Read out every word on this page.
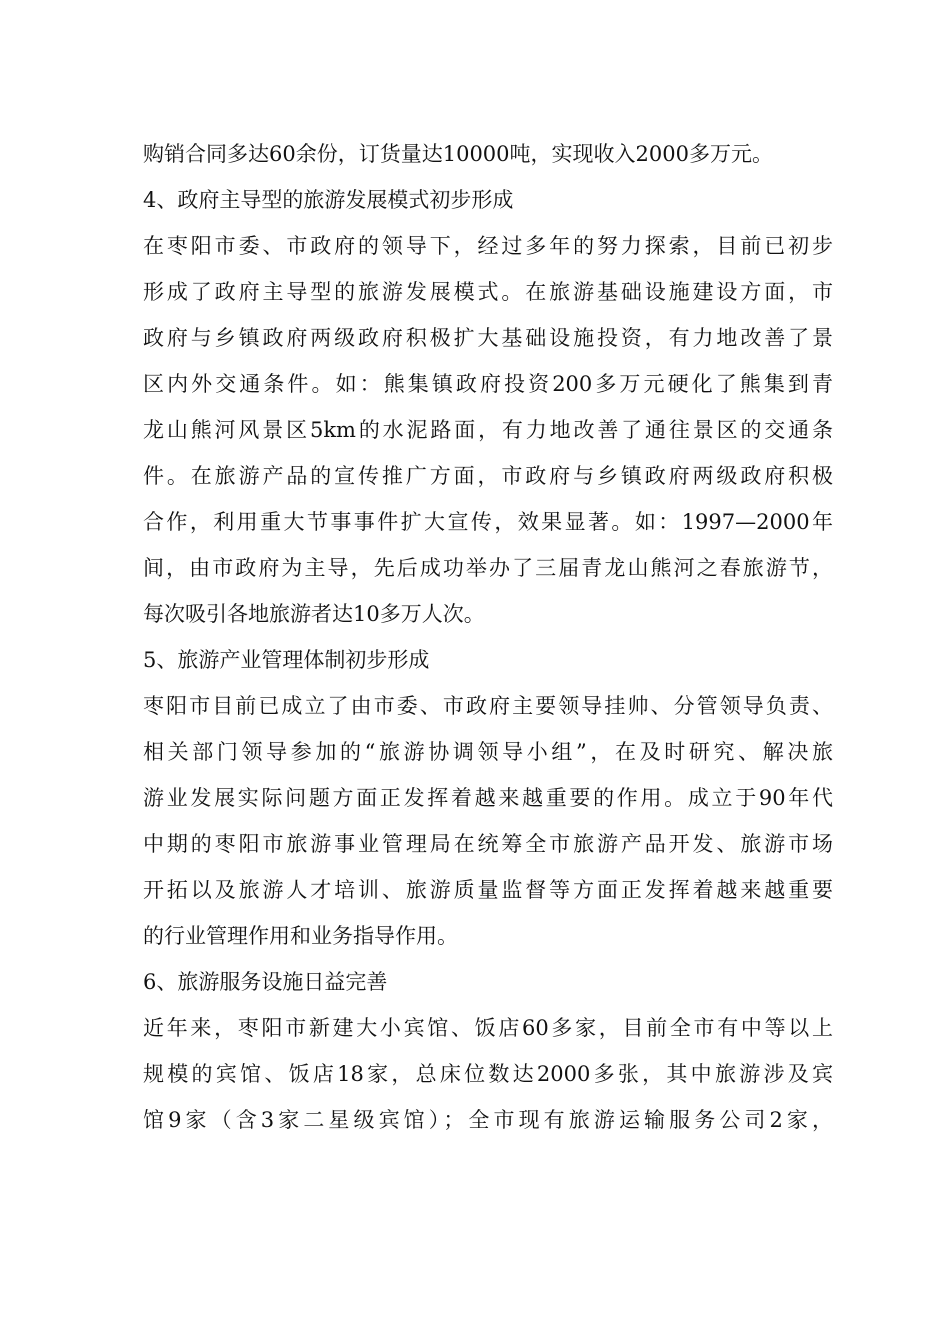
购销合同多达60余份，订货量达10000吨，实现收入2000多万元。
4、政府主导型的旅游发展模式初步形成
在枣阳市委、市政府的领导下，经过多年的努力探索，目前已初步
形成了政府主导型的旅游发展模式。在旅游基础设施建设方面，市
政府与乡镇政府两级政府积极扩大基础设施投资，有力地改善了景
区内外交通条件。如：熊集镇政府投资200多万元硬化了熊集到青
龙山熊河风景区5km的水泥路面，有力地改善了通往景区的交通条
件。在旅游产品的宣传推广方面，市政府与乡镇政府两级政府积极
合作，利用重大节事事件扩大宣传，效果显著。如：1997—2000年
间，由市政府为主导，先后成功举办了三届青龙山熊河之春旅游节，
每次吸引各地旅游者达10多万人次。
5、旅游产业管理体制初步形成
枣阳市目前已成立了由市委、市政府主要领导挂帅、分管领导负责、
相关部门领导参加的“旅游协调领导小组”，在及时研究、解决旅
游业发展实际问题方面正发挥着越来越重要的作用。成立于90年代
中期的枣阳市旅游事业管理局在统筹全市旅游产品开发、旅游市场
开拓以及旅游人才培训、旅游质量监督等方面正发挥着越来越重要
的行业管理作用和业务指导作用。
6、旅游服务设施日益完善
近年来，枣阳市新建大小宾馆、饭店60多家，目前全市有中等以上
规模的宾馆、饭店18家，总床位数达2000多张，其中旅游涉及宾
馆9家（含3家二星级宾馆）；全市现有旅游运输服务公司2家，
